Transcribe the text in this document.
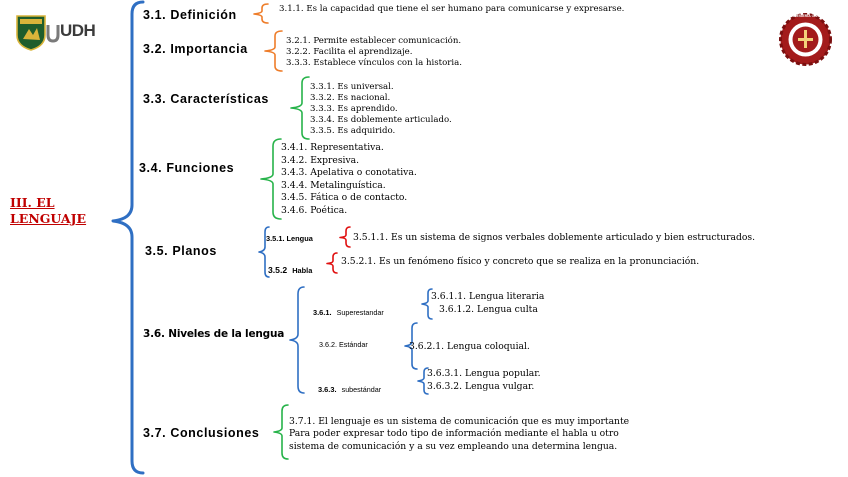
UDH
INGENIERÍA CIVIL
III. EL
LENGUAJE
3.1. Definición	3.1.1. Es la capacidad que tiene el ser humano para comunicarse y expresarse.
3.2. Importancia
3.2.1. Permite establecer comunicación.
3.2.2. Facilita el aprendizaje.
3.3.3. Establece vínculos con la historia.
3.3. Características
3.3.1. Es universal.
3.3.2. Es nacional.
3.3.3. Es aprendido.
3.3.4. Es doblemente articulado.
3.3.5. Es adquirido.
3.4. Funciones
3.4.1. Representativa.
3.4.2. Expresiva.
3.4.3. Apelativa o conotativa.
3.4.4. Metalinguística.
3.4.5. Fática o de contacto.
3.4.6. Poética.
3.5. Planos
3.5.1. Lengua	3.5.1.1. Es un sistema de signos verbales doblemente articulado y bien estructurados.
3.5.2 Habla
3.5.2.1. Es un fenómeno físico y concreto que se realiza en la pronunciación.
3.6. Niveles de la lengua
3.6.1. Superestandar
3.6.1.1. Lengua literaria
3.6.1.2. Lengua culta
3.6.2. Estándar	3.6.2.1. Lengua coloquial.
3.6.3. subestándar
3.6.3.1. Lengua popular.
3.6.3.2. Lengua vulgar.
3.7. Conclusiones
3.7.1. El lenguaje es un sistema de comunicación que es muy importante
Para poder expresar todo tipo de información mediante el habla u otro
sistema de comunicación y a su vez empleando una determina lengua.
